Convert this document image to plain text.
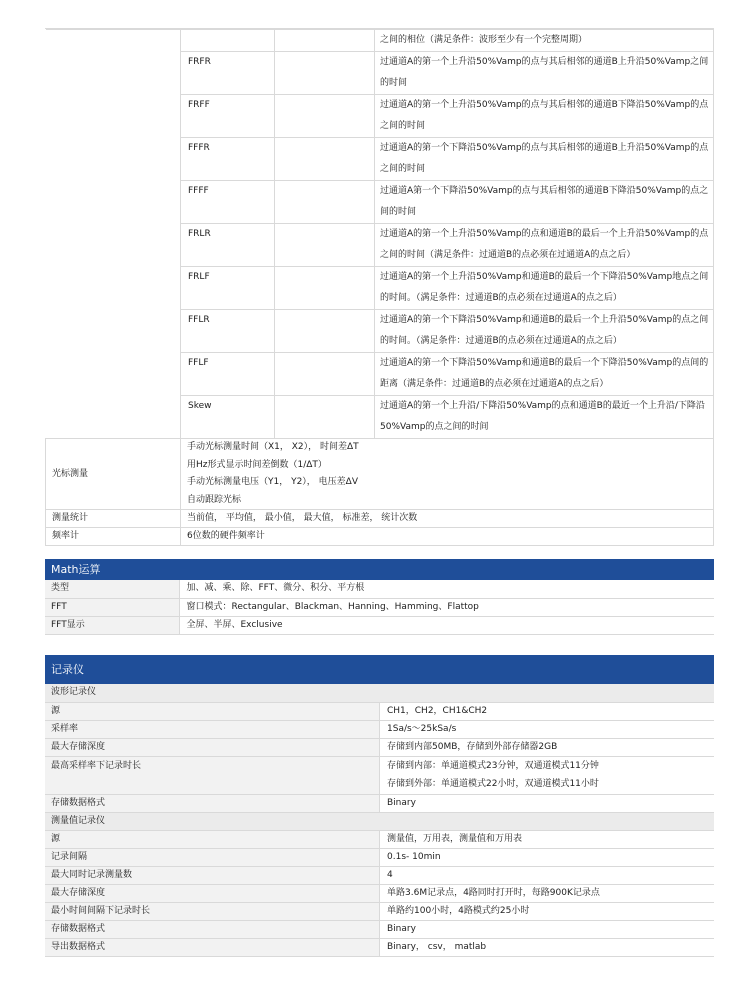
			之间的相位（满足条件：波形至少有一个完整周期）
	FRFR		过通道A的第一个上升沿50%Vamp的点与其后相邻的通道B上升沿50%Vamp之间的时间
	FRFF		过通道A的第一个上升沿50%Vamp的点与其后相邻的通道B下降沿50%Vamp的点之间的时间
	FFFR		过通道A的第一个下降沿50%Vamp的点与其后相邻的通道B上升沿50%Vamp的点之间的时间
	FFFF		过通道A第一个下降沿50%Vamp的点与其后相邻的通道B下降沿50%Vamp的点之间的时间
	FRLR		过通道A的第一个上升沿50%Vamp的点和通道B的最后一个上升沿50%Vamp的点之间的时间（满足条件：过通道B的点必须在过通道A的点之后）
	FRLF		过通道A的第一个上升沿50%Vamp和通道B的最后一个下降沿50%Vamp地点之间的时间。（满足条件：过通道B的点必须在过通道A的点之后）
	FFLR		过通道A的第一个下降沿50%Vamp和通道B的最后一个上升沿50%Vamp的点之间的时间。（满足条件：过通道B的点必须在过通道A的点之后）
	FFLF		过通道A的第一个下降沿50%Vamp和通道B的最后一个下降沿50%Vamp的点间的距离（满足条件：过通道B的点必须在过通道A的点之后）
	Skew		过通道A的第一个上升沿/下降沿50%Vamp的点和通道B的最近一个上升沿/下降沿50%Vamp的点之间的时间
光标测量	手动光标测量时间（X1， X2）， 时间差ΔT
用Hz形式显示时间差倒数（1/ΔT）
手动光标测量电压（Y1， Y2）， 电压差ΔV
自动跟踪光标		

测量统计	当前值， 平均值， 最小值， 最大值， 标准差， 统计次数		
频率计	6位数的硬件频率计		
Math运算
类型	加、减、乘、除、FFT、微分、积分、平方根
FFT	窗口模式：Rectangular、Blackman、Hanning、Hamming、Flattop
FFT显示	全屏、半屏、Exclusive
记录仪
波形记录仪	
源	CH1，CH2，CH1&CH2
采样率	1Sa/s～25kSa/s
最大存储深度	存储到内部50MB，存储到外部存储器2GB
最高采样率下记录时长	存储到内部：单通道模式23分钟，双通道模式11分钟
存储到外部：单通道模式22小时，双通道模式11小时

存储数据格式	Binary
测量值记录仪	
源	测量值，万用表，测量值和万用表
记录间隔	0.1s- 10min
最大同时记录测量数	4
最大存储深度	单路3.6M记录点，4路同时打开时，每路900K记录点
最小时间间隔下记录时长	单路约100小时，4路模式约25小时
存储数据格式	Binary
导出数据格式	Binary， csv， matlab
